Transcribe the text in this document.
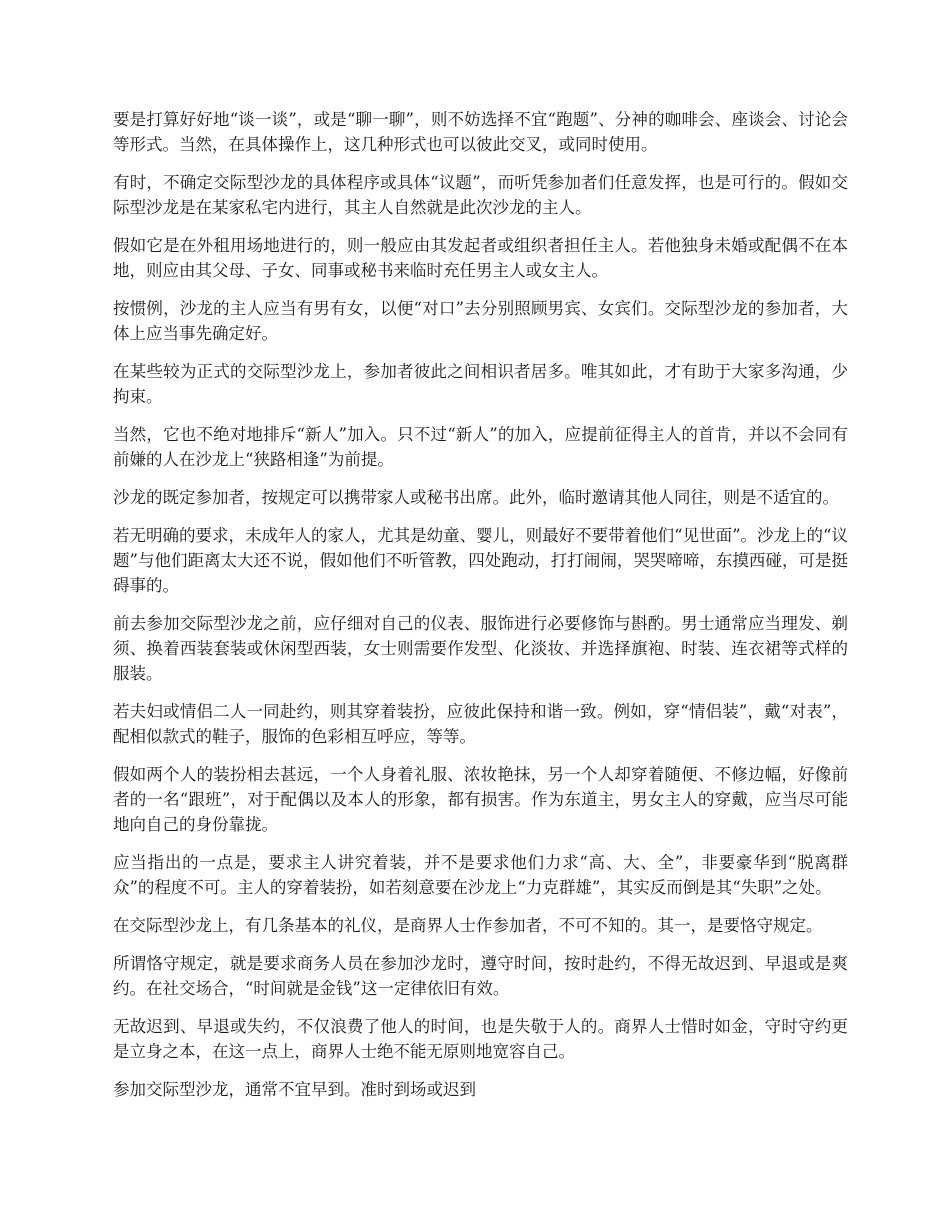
要是打算好好地“谈一谈”，或是“聊一聊”，则不妨选择不宜“跑题”、分神的咖啡会、座谈会、讨论会等形式。当然，在具体操作上，这几种形式也可以彼此交叉，或同时使用。

有时，不确定交际型沙龙的具体程序或具体“议题”，而听凭参加者们任意发挥，也是可行的。假如交际型沙龙是在某家私宅内进行，其主人自然就是此次沙龙的主人。

假如它是在外租用场地进行的，则一般应由其发起者或组织者担任主人。若他独身未婚或配偶不在本地，则应由其父母、子女、同事或秘书来临时充任男主人或女主人。

按惯例，沙龙的主人应当有男有女，以便“对口”去分别照顾男宾、女宾们。交际型沙龙的参加者，大体上应当事先确定好。

在某些较为正式的交际型沙龙上，参加者彼此之间相识者居多。唯其如此，才有助于大家多沟通，少拘束。

当然，它也不绝对地排斥“新人”加入。只不过“新人”的加入，应提前征得主人的首肯，并以不会同有前嫌的人在沙龙上“狭路相逢”为前提。

沙龙的既定参加者，按规定可以携带家人或秘书出席。此外，临时邀请其他人同往，则是不适宜的。

若无明确的要求，未成年人的家人，尤其是幼童、婴儿，则最好不要带着他们“见世面”。沙龙上的“议题”与他们距离太大还不说，假如他们不听管教，四处跑动，打打闹闹，哭哭啼啼，东摸西碰，可是挺碍事的。

前去参加交际型沙龙之前，应仔细对自己的仪表、服饰进行必要修饰与斟酌。男士通常应当理发、剃须、换着西装套装或休闲型西装，女士则需要作发型、化淡妆、并选择旗袍、时装、连衣裙等式样的服装。

若夫妇或情侣二人一同赴约，则其穿着装扮，应彼此保持和谐一致。例如，穿“情侣装”，戴“对表”，配相似款式的鞋子，服饰的色彩相互呼应，等等。

假如两个人的装扮相去甚远，一个人身着礼服、浓妆艳抹，另一个人却穿着随便、不修边幅，好像前者的一名“跟班”，对于配偶以及本人的形象，都有损害。作为东道主，男女主人的穿戴，应当尽可能地向自己的身份靠拢。

应当指出的一点是，要求主人讲究着装，并不是要求他们力求“高、大、全”，非要豪华到“脱离群众”的程度不可。主人的穿着装扮，如若刻意要在沙龙上“力克群雄”，其实反而倒是其“失职”之处。

在交际型沙龙上，有几条基本的礼仪，是商界人士作参加者，不可不知的。其一，是要恪守规定。

所谓恪守规定，就是要求商务人员在参加沙龙时，遵守时间，按时赴约，不得无故迟到、早退或是爽约。在社交场合，“时间就是金钱”这一定律依旧有效。

无故迟到、早退或失约，不仅浪费了他人的时间，也是失敬于人的。商界人士惜时如金，守时守约更是立身之本，在这一点上，商界人士绝不能无原则地宽容自己。

参加交际型沙龙，通常不宜早到。准时到场或迟到
